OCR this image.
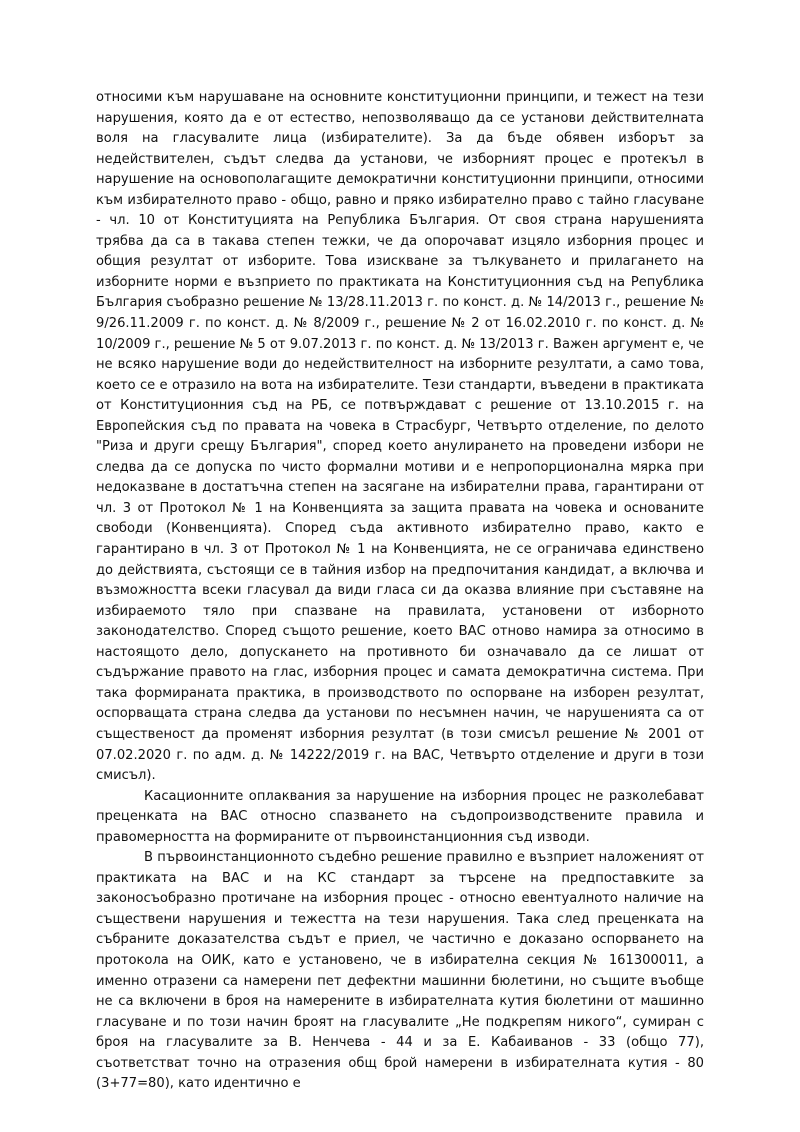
относими към нарушаване на основните конституционни принципи, и тежест на тези нарушения, която да е от естество, непозволяващо да се установи действителната воля на гласувалите лица (избирателите). За да бъде обявен изборът за недействителен, съдът следва да установи, че изборният процес е протекъл в нарушение на основополагащите демократични конституционни принципи, относими към избирателното право - общо, равно и пряко избирателно право с тайно гласуване - чл. 10 от Конституцията на Република България. От своя страна нарушенията трябва да са в такава степен тежки, че да опорочават изцяло изборния процес и общия резултат от изборите. Това изискване за тълкуването и прилагането на изборните норми е възприето по практиката на Конституционния съд на Република България съобразно решение № 13/28.11.2013 г. по конст. д. № 14/2013 г., решение № 9/26.11.2009 г. по конст. д. № 8/2009 г., решение № 2 от 16.02.2010 г. по конст. д. № 10/2009 г., решение № 5 от 9.07.2013 г. по конст. д. № 13/2013 г. Важен аргумент е, че не всяко нарушение води до недействителност на изборните резултати, а само това, което се е отразило на вота на избирателите. Тези стандарти, въведени в практиката от Конституционния съд на РБ, се потвърждават с решение от 13.10.2015 г. на Европейския съд по правата на човека в Страсбург, Четвърто отделение, по делото "Риза и други срещу България", според което анулирането на проведени избори не следва да се допуска по чисто формални мотиви и е непропорционална мярка при недоказване в достатъчна степен на засягане на избирателни права, гарантирани от чл. 3 от Протокол № 1 на Конвенцията за защита правата на човека и основаните свободи (Конвенцията). Според съда активното избирателно право, както е гарантирано в чл. 3 от Протокол № 1 на Конвенцията, не се ограничава единствено до действията, състоящи се в тайния избор на предпочитания кандидат, а включва и възможността всеки гласувал да види гласа си да оказва влияние при съставяне на избираемото тяло при спазване на правилата, установени от изборното законодателство. Според същото решение, което ВАС отново намира за относимо в настоящото дело, допускането на противното би означавало да се лишат от съдържание правото на глас, изборния процес и самата демократична система. При така формираната практика, в производството по оспорване на изборен резултат, оспорващата страна следва да установи по несъмнен начин, че нарушенията са от същественост да променят изборния резултат (в този смисъл решение № 2001 от 07.02.2020 г. по адм. д. № 14222/2019 г. на ВАС, Четвърто отделение и други в този смисъл).

Касационните оплаквания за нарушение на изборния процес не разколебават преценката на ВАС относно спазването на съдопроизводствените правила и правомерността на формираните от първоинстанционния съд изводи.

В първоинстанционното съдебно решение правилно е възприет наложеният от практиката на ВАС и на КС стандарт за търсене на предпоставките за законосъобразно протичане на изборния процес - относно евентуалното наличие на съществени нарушения и тежестта на тези нарушения. Така след преценката на събраните доказателства съдът е приел, че частично е доказано оспорването на протокола на ОИК, като е установено, че в избирателна секция № 161300011, а именно отразени са намерени пет дефектни машинни бюлетини, но същите въобще не са включени в броя на намерените в избирателната кутия бюлетини от машинно гласуване и по този начин броят на гласувалите „Не подкрепям никого“, сумиран с броя на гласувалите за В. Ненчева - 44 и за Е. Кабаиванов - 33 (общо 77), съответстват точно на отразения общ брой намерени в избирателната кутия - 80 (3+77=80), като идентично е
